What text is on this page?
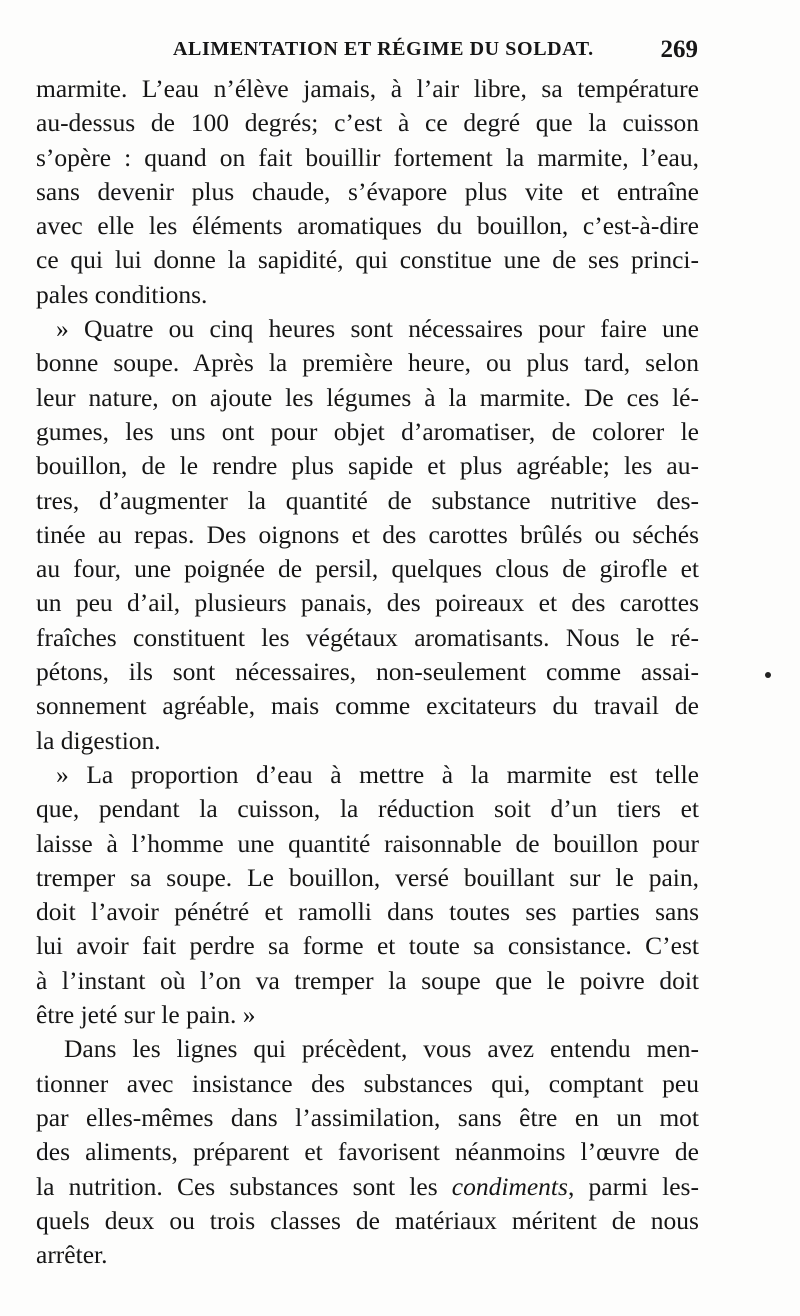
ALIMENTATION ET RÉGIME DU SOLDAT.	269
marmite. L’eau n’élève jamais, à l’air libre, sa température
au-dessus de 100 degrés; c’est à ce degré que la cuisson
s’opère : quand on fait bouillir fortement la marmite, l’eau,
sans devenir plus chaude, s’évapore plus vite et entraîne
avec elle les éléments aromatiques du bouillon, c’est-à-dire
ce qui lui donne la sapidité, qui constitue une de ses princi-
pales conditions.
» Quatre ou cinq heures sont nécessaires pour faire une
bonne soupe. Après la première heure, ou plus tard, selon
leur nature, on ajoute les légumes à la marmite. De ces lé-
gumes, les uns ont pour objet d’aromatiser, de colorer le
bouillon, de le rendre plus sapide et plus agréable; les au-
tres, d’augmenter la quantité de substance nutritive des-
tinée au repas. Des oignons et des carottes brûlés ou séchés
au four, une poignée de persil, quelques clous de girofle et
un peu d’ail, plusieurs panais, des poireaux et des carottes
fraîches constituent les végétaux aromatisants. Nous le ré-
pétons, ils sont nécessaires, non-seulement comme assai-
sonnement agréable, mais comme excitateurs du travail de
la digestion.
» La proportion d’eau à mettre à la marmite est telle
que, pendant la cuisson, la réduction soit d’un tiers et
laisse à l’homme une quantité raisonnable de bouillon pour
tremper sa soupe. Le bouillon, versé bouillant sur le pain,
doit l’avoir pénétré et ramolli dans toutes ses parties sans
lui avoir fait perdre sa forme et toute sa consistance. C’est
à l’instant où l’on va tremper la soupe que le poivre doit
être jeté sur le pain. »
Dans les lignes qui précèdent, vous avez entendu men-
tionner avec insistance des substances qui, comptant peu
par elles-mêmes dans l’assimilation, sans être en un mot
des aliments, préparent et favorisent néanmoins l’œuvre de
la nutrition. Ces substances sont les condiments, parmi les-
quels deux ou trois classes de matériaux méritent de nous
arrêter.
